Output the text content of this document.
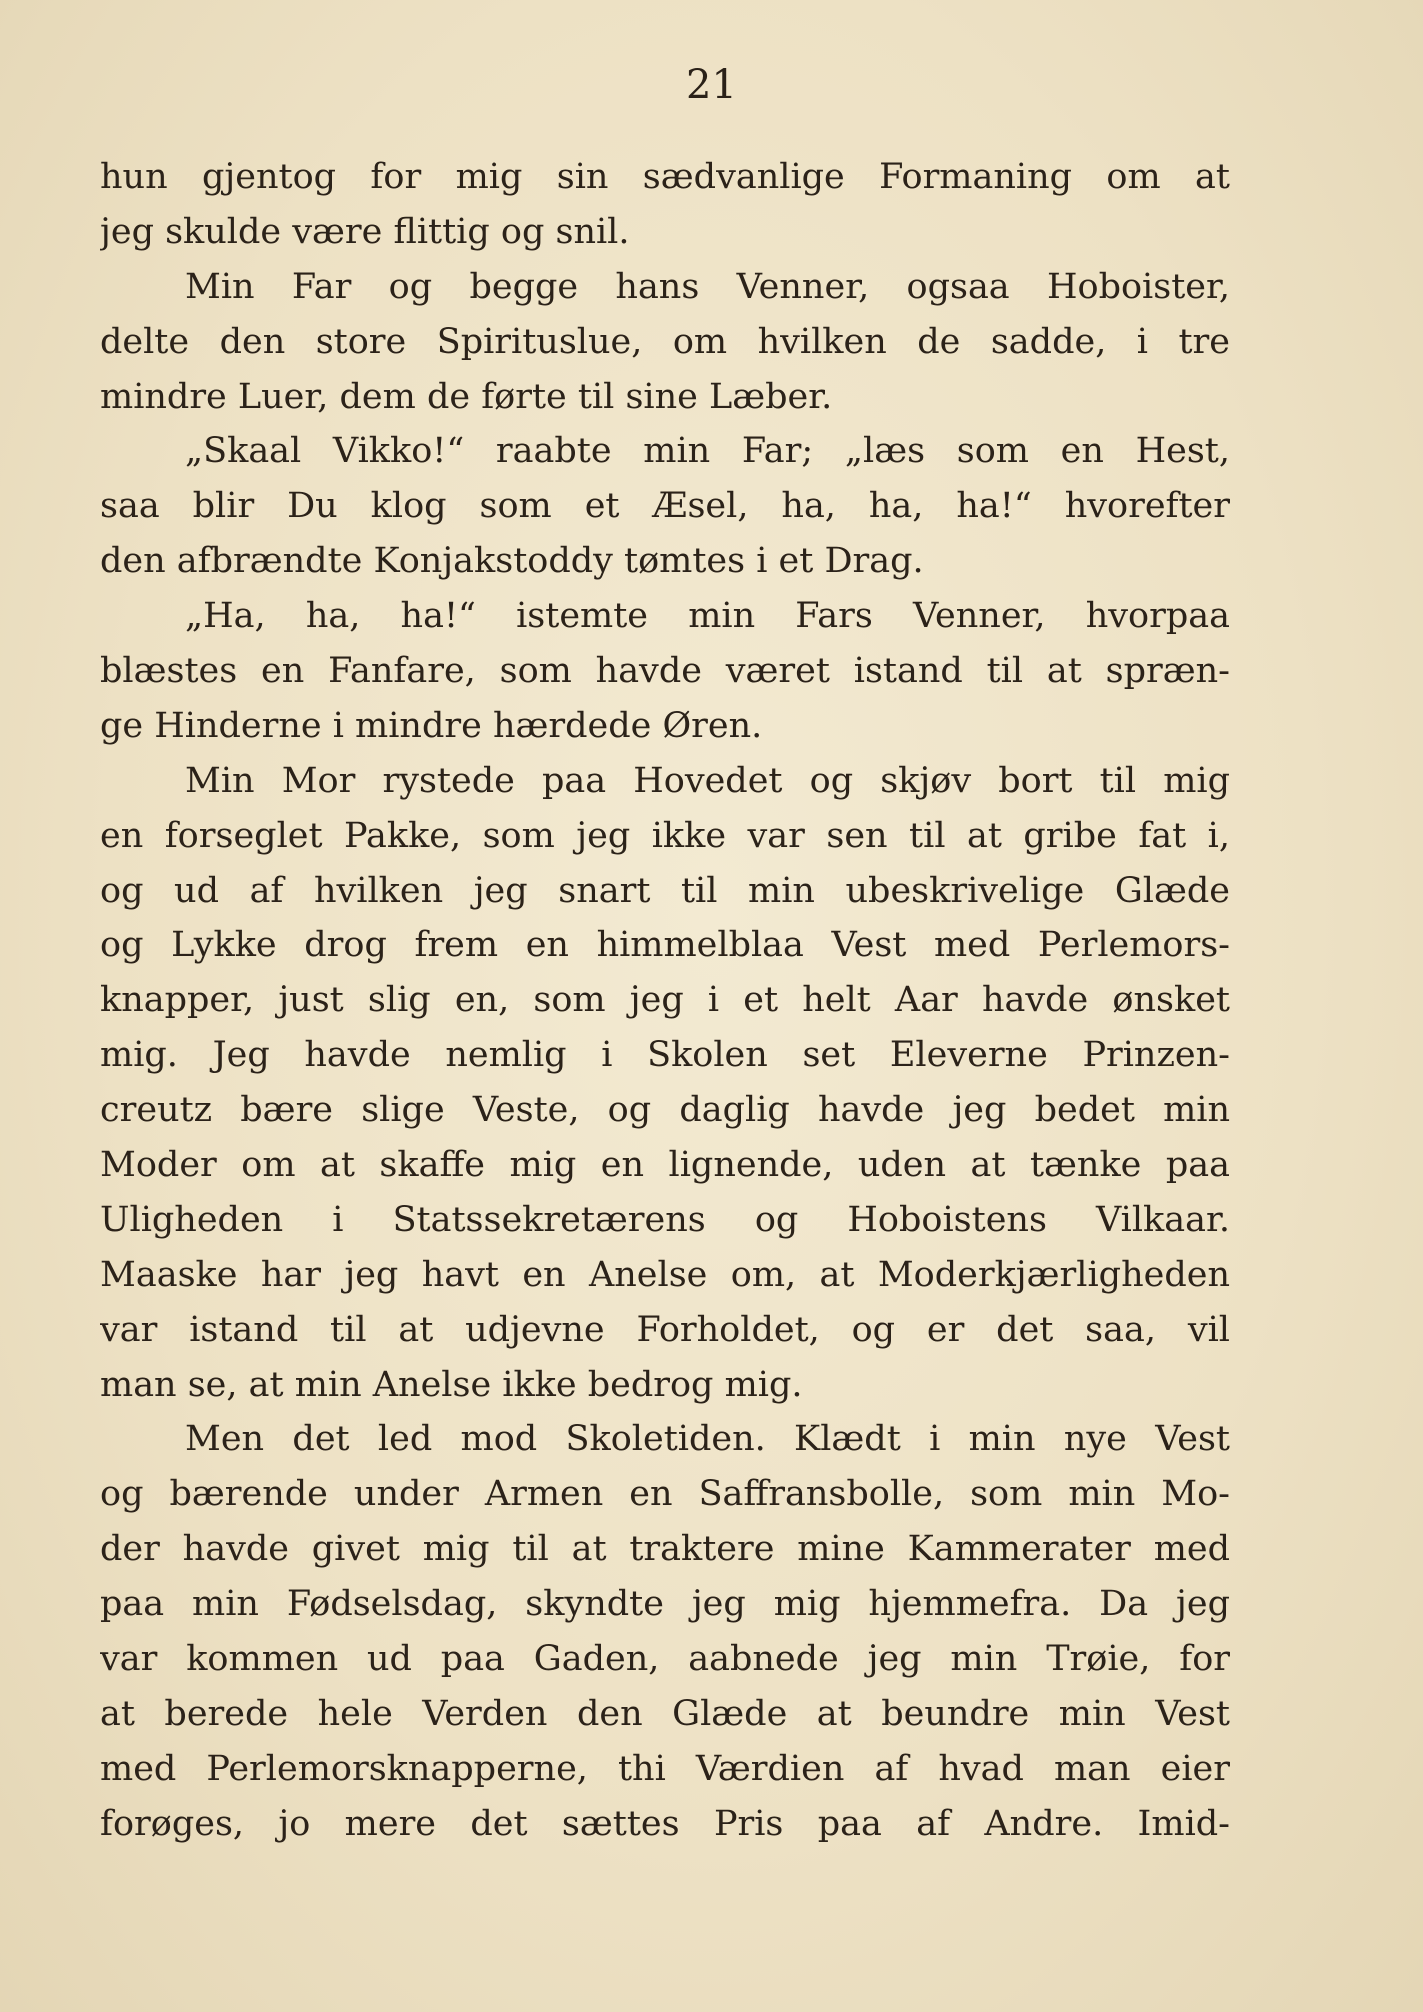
21
hun gjentog for mig sin sædvanlige Formaning om at
jeg skulde være flittig og snil.
Min Far og begge hans Venner, ogsaa Hoboister,
delte den store Spirituslue, om hvilken de sadde, i tre
mindre Luer, dem de førte til sine Læber.
„Skaal Vikko!“ raabte min Far; „læs som en Hest,
saa blir Du klog som et Æsel, ha, ha, ha!“ hvorefter
den afbrændte Konjakstoddy tømtes i et Drag.
„Ha, ha, ha!“ istemte min Fars Venner, hvorpaa
blæstes en Fanfare, som havde været istand til at spræn-
ge Hinderne i mindre hærdede Øren.
Min Mor rystede paa Hovedet og skjøv bort til mig
en forseglet Pakke, som jeg ikke var sen til at gribe fat i,
og ud af hvilken jeg snart til min ubeskrivelige Glæde
og Lykke drog frem en himmelblaa Vest med Perlemors-
knapper, just slig en, som jeg i et helt Aar havde ønsket
mig. Jeg havde nemlig i Skolen set Eleverne Prinzen-
creutz bære slige Veste, og daglig havde jeg bedet min
Moder om at skaffe mig en lignende, uden at tænke paa
Uligheden i Statssekretærens og Hoboistens Vilkaar.
Maaske har jeg havt en Anelse om, at Moderkjærligheden
var istand til at udjevne Forholdet, og er det saa, vil
man se, at min Anelse ikke bedrog mig.
Men det led mod Skoletiden. Klædt i min nye Vest
og bærende under Armen en Saffransbolle, som min Mo-
der havde givet mig til at traktere mine Kammerater med
paa min Fødselsdag, skyndte jeg mig hjemmefra. Da jeg
var kommen ud paa Gaden, aabnede jeg min Trøie, for
at berede hele Verden den Glæde at beundre min Vest
med Perlemorsknapperne, thi Værdien af hvad man eier
forøges, jo mere det sættes Pris paa af Andre. Imid-
